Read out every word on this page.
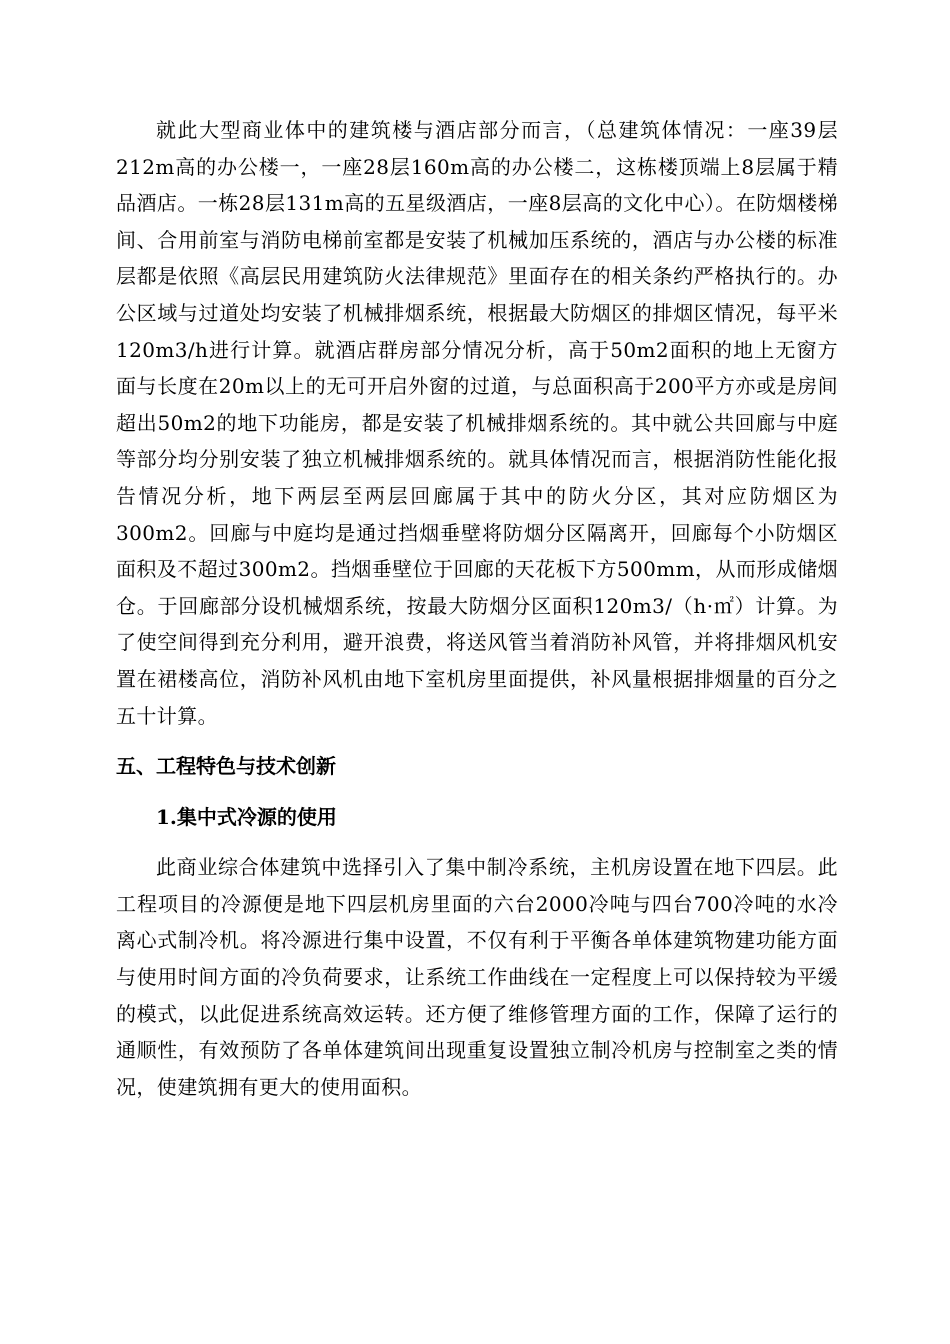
就此大型商业体中的建筑楼与酒店部分而言，（总建筑体情况：一座39层212m高的办公楼一，一座28层160m高的办公楼二，这栋楼顶端上8层属于精品酒店。一栋28层131m高的五星级酒店，一座8层高的文化中心）。在防烟楼梯间、合用前室与消防电梯前室都是安装了机械加压系统的，酒店与办公楼的标准层都是依照《高层民用建筑防火法律规范》里面存在的相关条约严格执行的。办公区域与过道处均安装了机械排烟系统，根据最大防烟区的排烟区情况，每平米120m3/h进行计算。就酒店群房部分情况分析，高于50m2面积的地上无窗方面与长度在20m以上的无可开启外窗的过道，与总面积高于200平方亦或是房间超出50m2的地下功能房，都是安装了机械排烟系统的。其中就公共回廊与中庭等部分均分别安装了独立机械排烟系统的。就具体情况而言，根据消防性能化报告情况分析，地下两层至两层回廊属于其中的防火分区，其对应防烟区为300m2。回廊与中庭均是通过挡烟垂壁将防烟分区隔离开，回廊每个小防烟区面积及不超过300m2。挡烟垂壁位于回廊的天花板下方500mm，从而形成储烟仓。于回廊部分设机械烟系统，按最大防烟分区面积120m3/（h·㎡）计算。为了使空间得到充分利用，避开浪费，将送风管当着消防补风管，并将排烟风机安置在裙楼高位，消防补风机由地下室机房里面提供，补风量根据排烟量的百分之五十计算。

五、工程特色与技术创新
1.集中式冷源的使用

此商业综合体建筑中选择引入了集中制冷系统，主机房设置在地下四层。此工程项目的冷源便是地下四层机房里面的六台2000冷吨与四台700冷吨的水冷离心式制冷机。将冷源进行集中设置，不仅有利于平衡各单体建筑物建功能方面与使用时间方面的冷负荷要求，让系统工作曲线在一定程度上可以保持较为平缓的模式，以此促进系统高效运转。还方便了维修管理方面的工作，保障了运行的通顺性，有效预防了各单体建筑间出现重复设置独立制冷机房与控制室之类的情况，使建筑拥有更大的使用面积。
